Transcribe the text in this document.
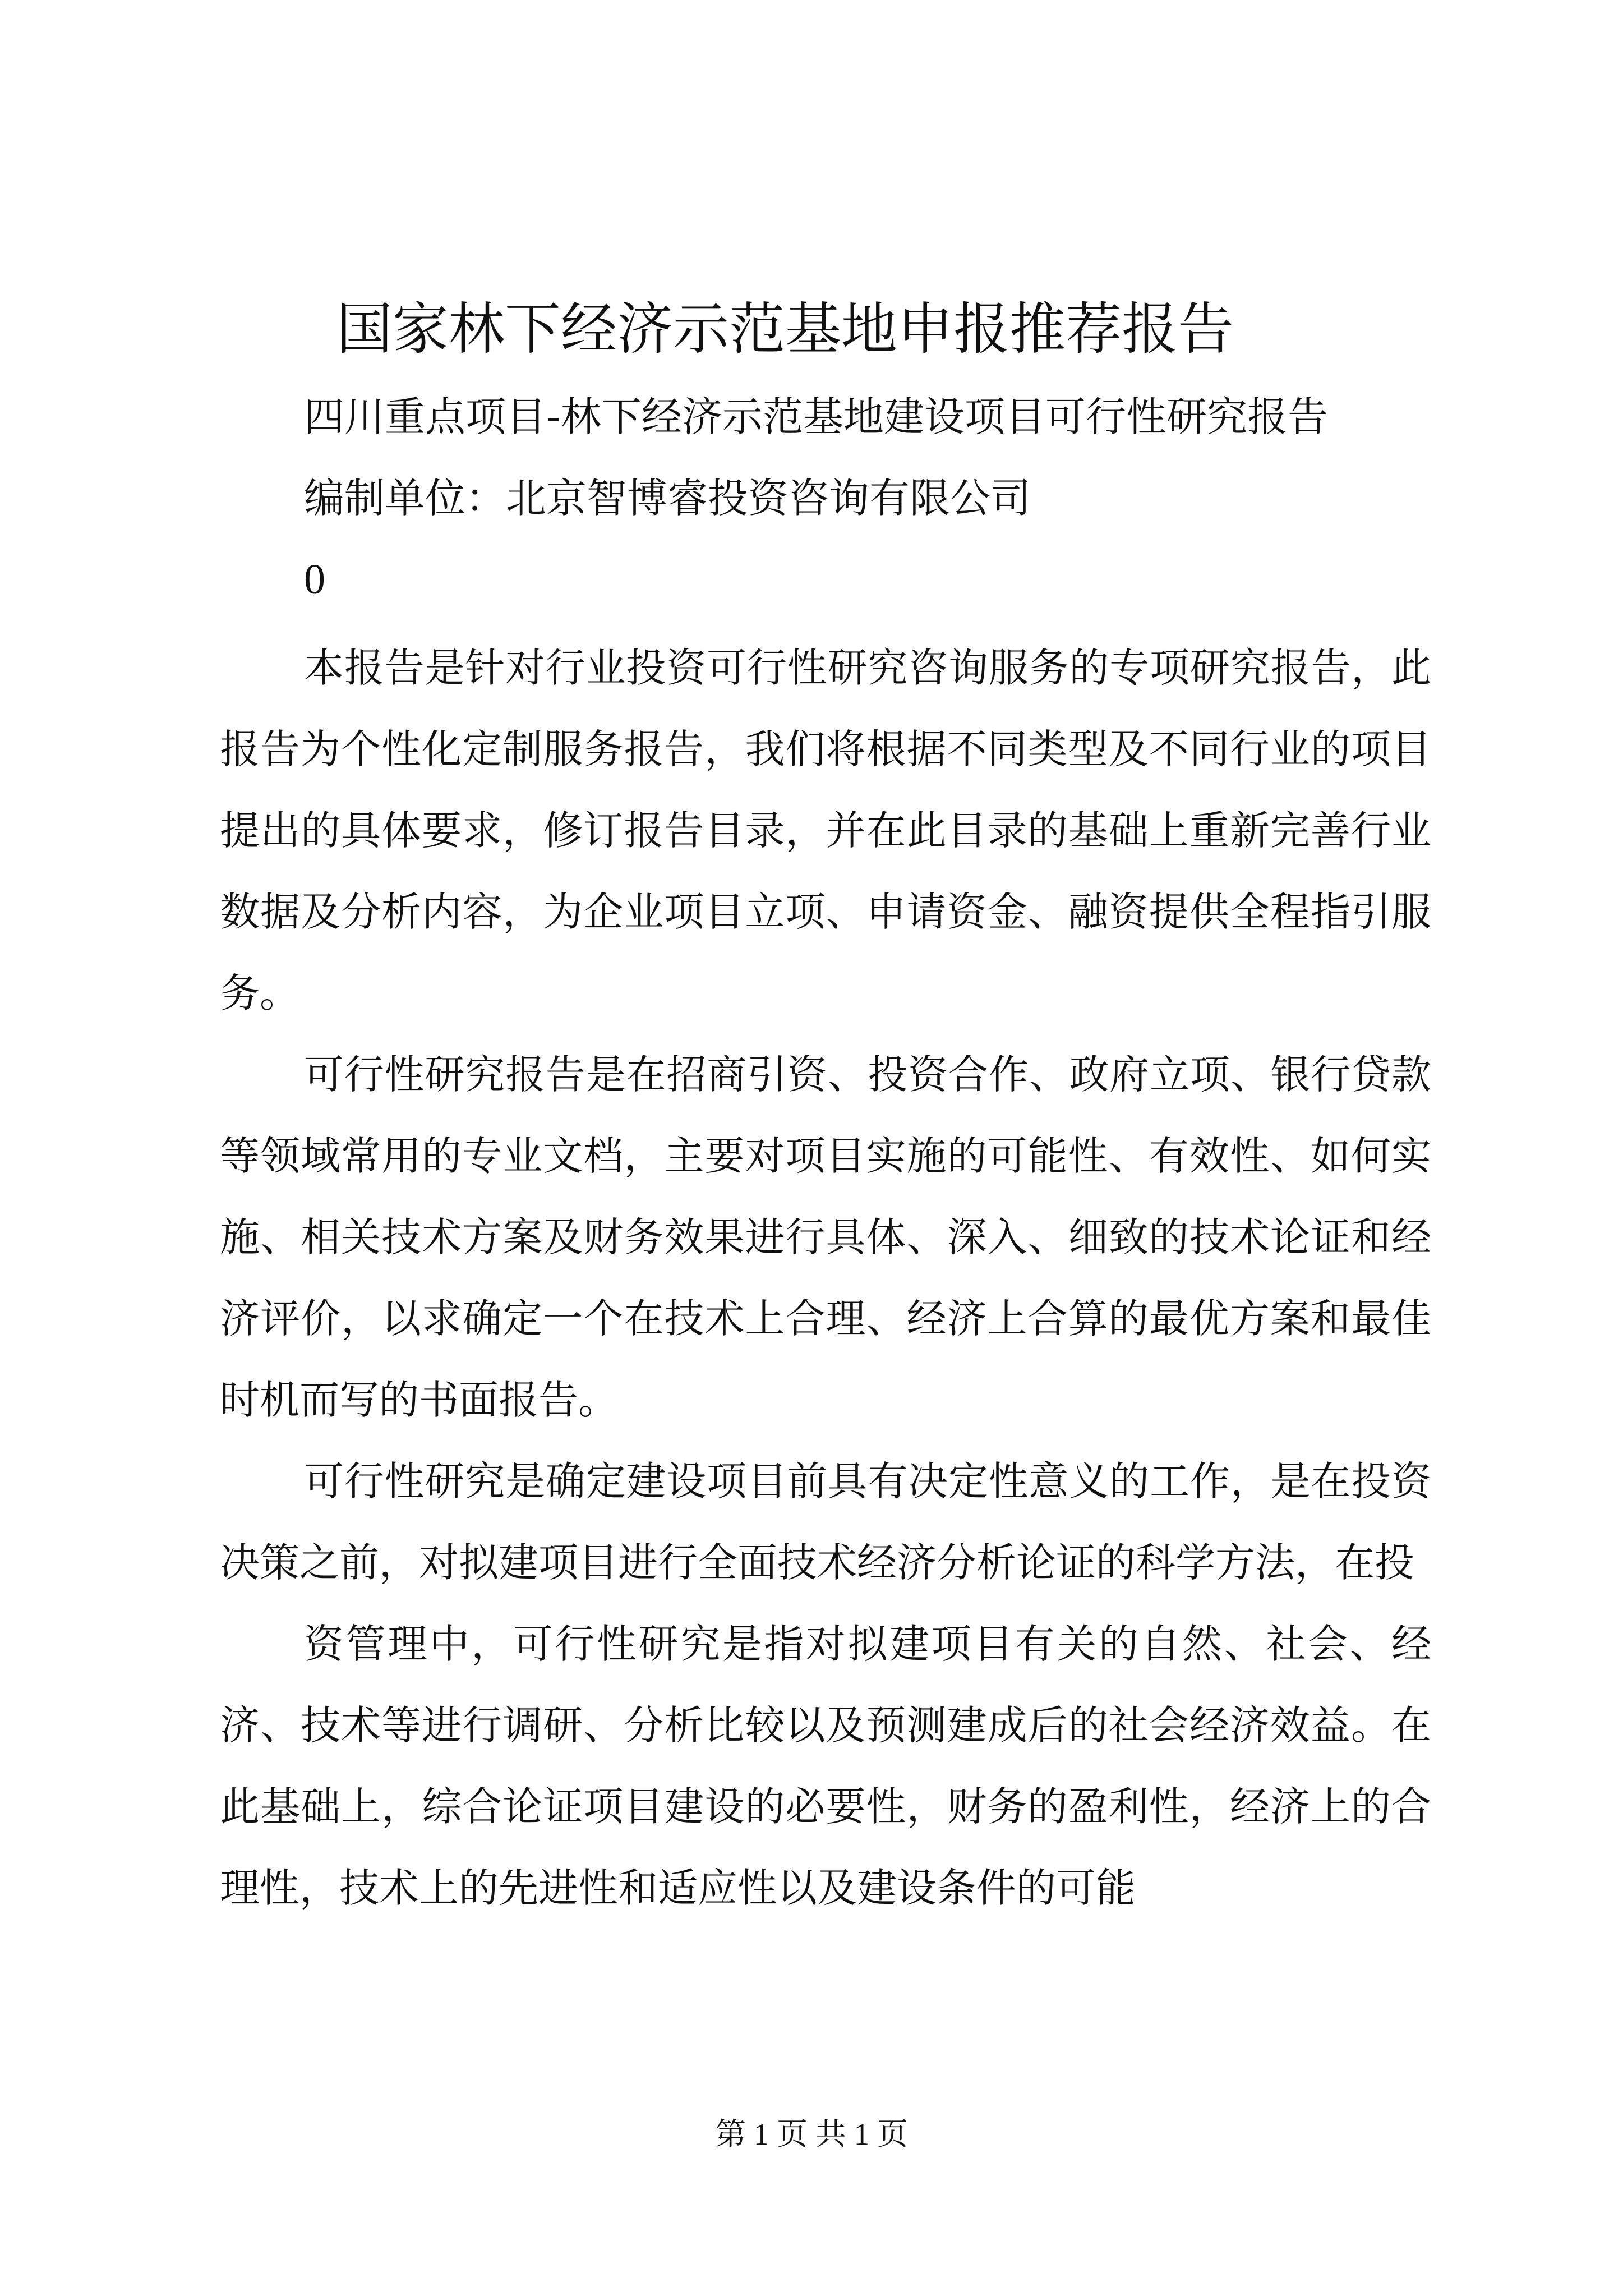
国家林下经济示范基地申报推荐报告

四川重点项目-林下经济示范基地建设项目可行性研究报告

编制单位：北京智博睿投资咨询有限公司

0

本报告是针对行业投资可行性研究咨询服务的专项研究报告，此报告为个性化定制服务报告，我们将根据不同类型及不同行业的项目提出的具体要求，修订报告目录，并在此目录的基础上重新完善行业数据及分析内容，为企业项目立项、申请资金、融资提供全程指引服务。

可行性研究报告是在招商引资、投资合作、政府立项、银行贷款等领域常用的专业文档，主要对项目实施的可能性、有效性、如何实施、相关技术方案及财务效果进行具体、深入、细致的技术论证和经济评价，以求确定一个在技术上合理、经济上合算的最优方案和最佳时机而写的书面报告。

可行性研究是确定建设项目前具有决定性意义的工作，是在投资决策之前，对拟建项目进行全面技术经济分析论证的科学方法，在投

资管理中，可行性研究是指对拟建项目有关的自然、社会、经济、技术等进行调研、分析比较以及预测建成后的社会经济效益。在此基础上，综合论证项目建设的必要性，财务的盈利性，经济上的合理性，技术上的先进性和适应性以及建设条件的可能

第 1 页 共 1 页
